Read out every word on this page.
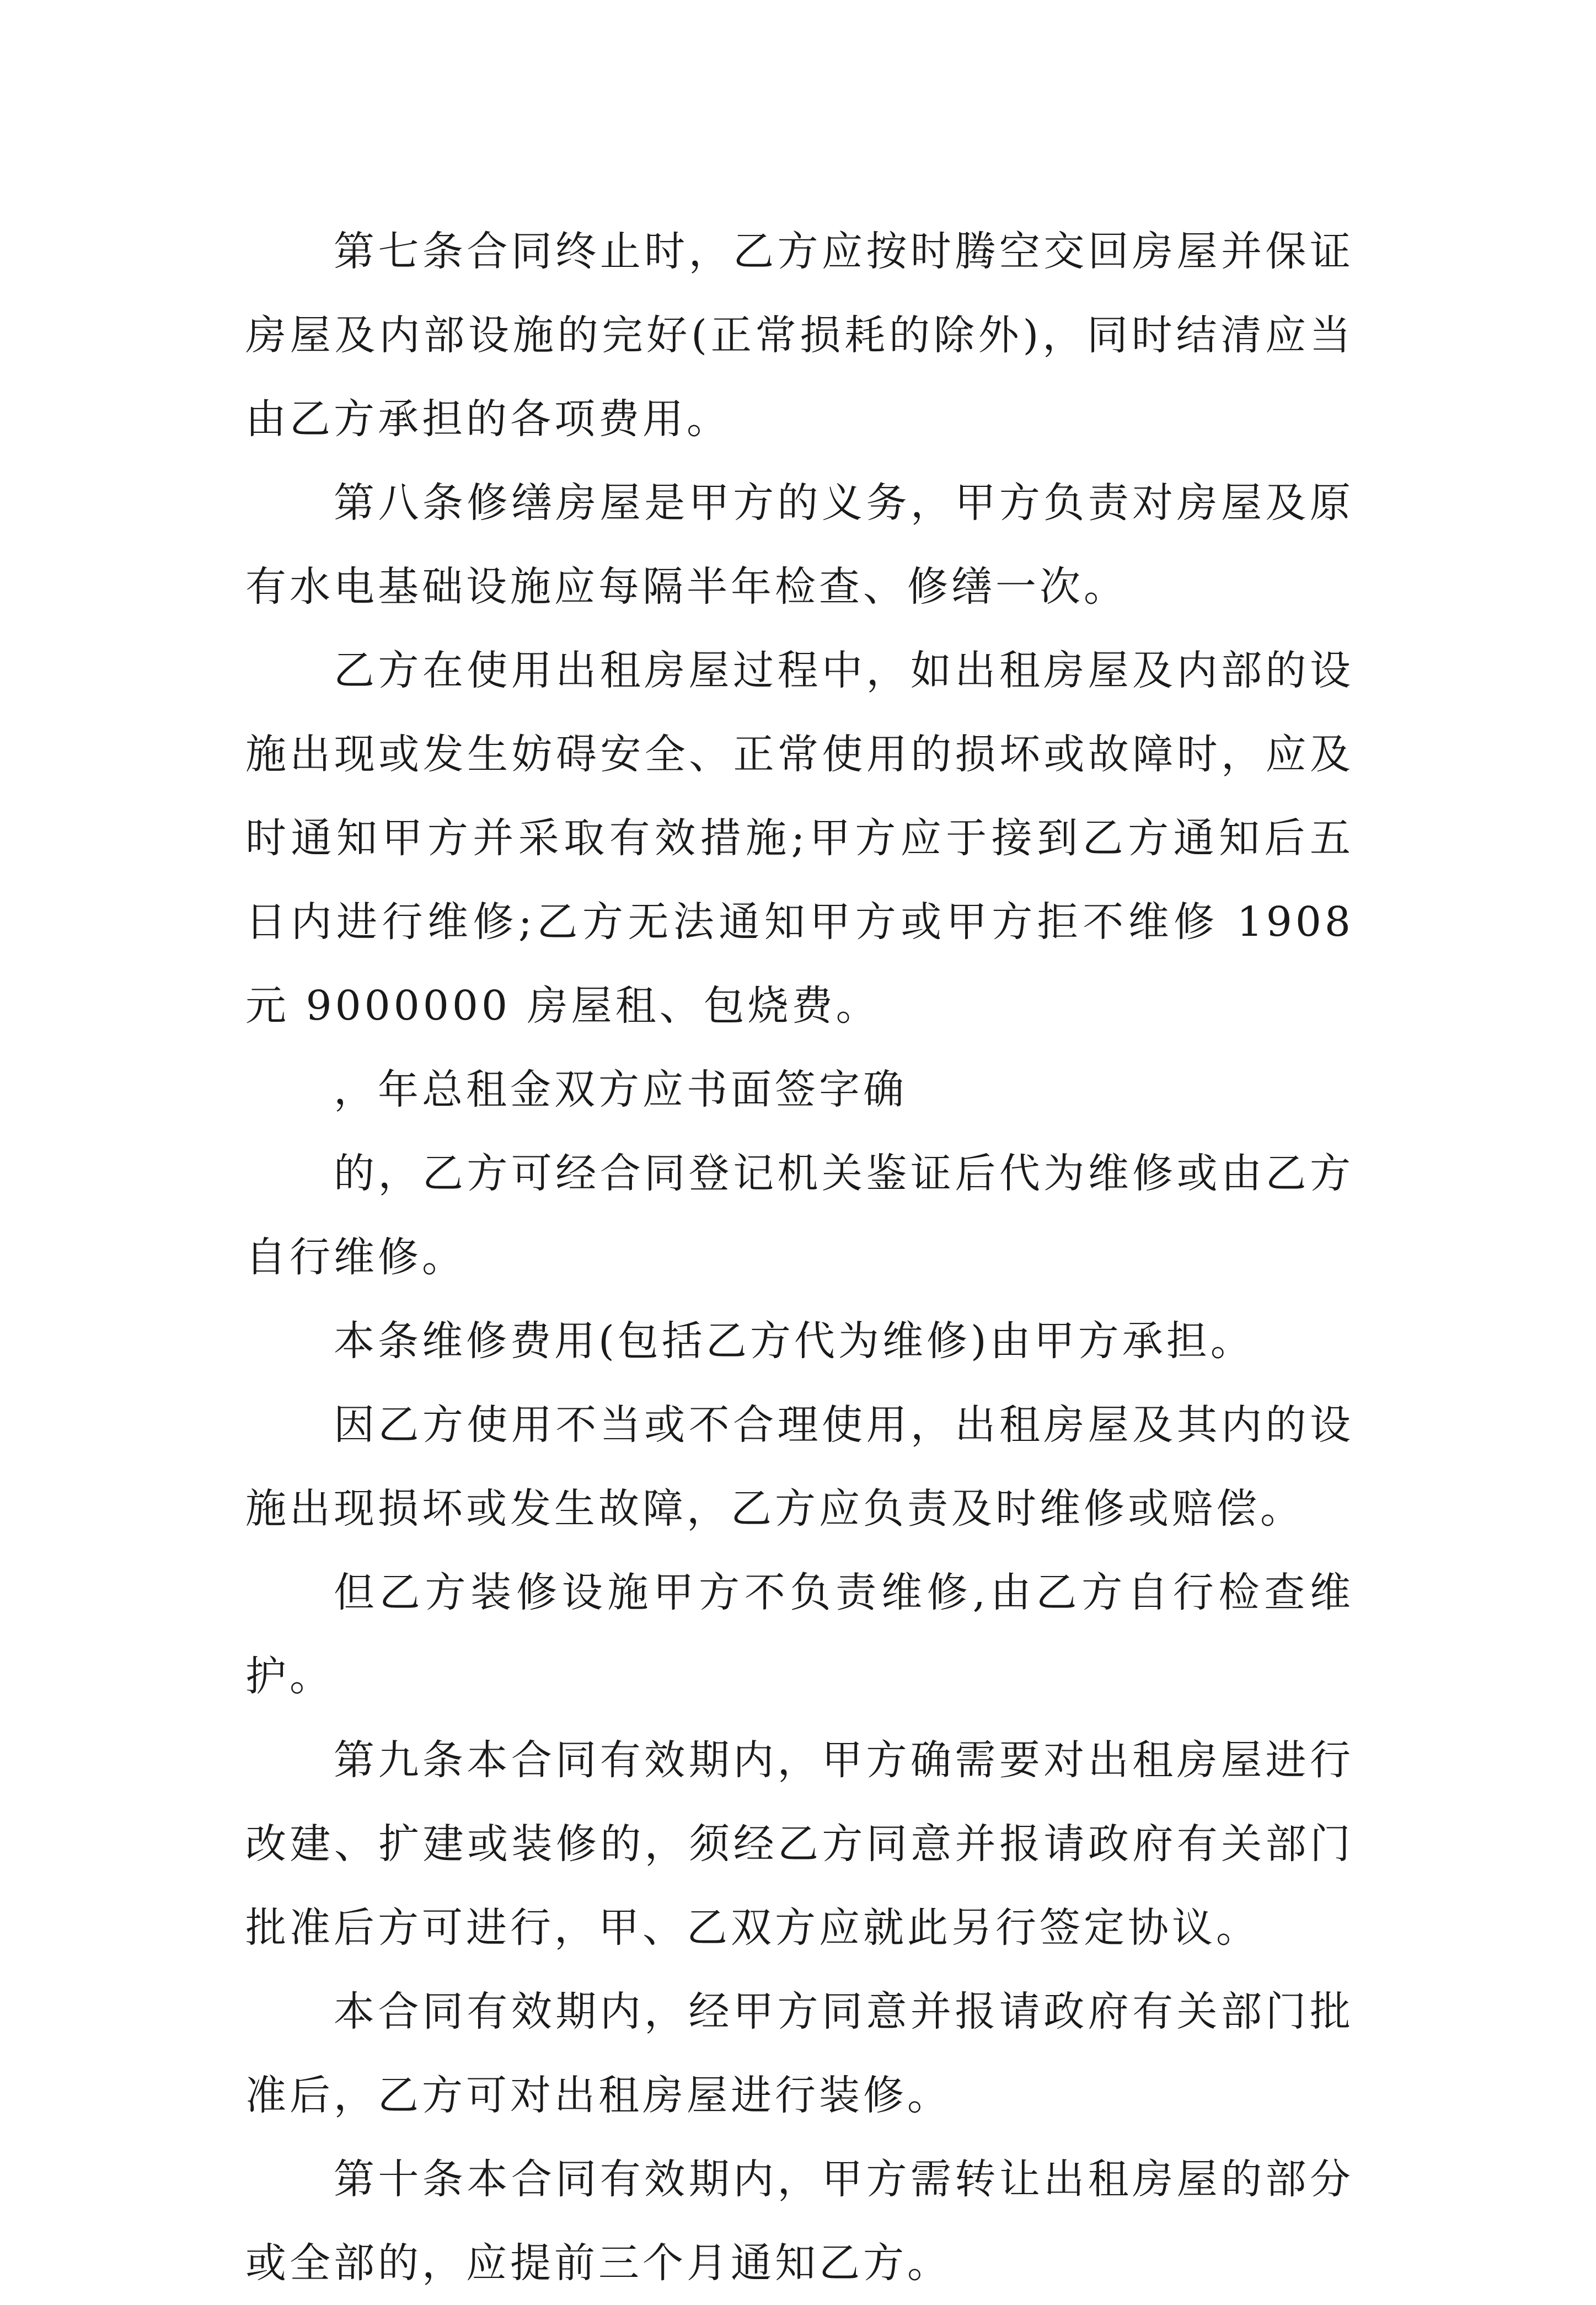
第七条合同终止时，乙方应按时腾空交回房屋并保证房屋及内部设施的完好(正常损耗的除外)，同时结清应当由乙方承担的各项费用。

第八条修缮房屋是甲方的义务，甲方负责对房屋及原有水电基础设施应每隔半年检查、修缮一次。

乙方在使用出租房屋过程中，如出租房屋及内部的设施出现或发生妨碍安全、正常使用的损坏或故障时，应及时通知甲方并采取有效措施;甲方应于接到乙方通知后五日内进行维修;乙方无法通知甲方或甲方拒不维修 1908 元 9000000 房屋租、包烧费。

，年总租金双方应书面签字确

的，乙方可经合同登记机关鉴证后代为维修或由乙方自行维修。

本条维修费用(包括乙方代为维修)由甲方承担。

因乙方使用不当或不合理使用，出租房屋及其内的设施出现损坏或发生故障，乙方应负责及时维修或赔偿。

但乙方装修设施甲方不负责维修,由乙方自行检查维护。

第九条本合同有效期内，甲方确需要对出租房屋进行改建、扩建或装修的，须经乙方同意并报请政府有关部门批准后方可进行，甲、乙双方应就此另行签定协议。

本合同有效期内，经甲方同意并报请政府有关部门批准后，乙方可对出租房屋进行装修。

第十条本合同有效期内，甲方需转让出租房屋的部分或全部的，应提前三个月通知乙方。
